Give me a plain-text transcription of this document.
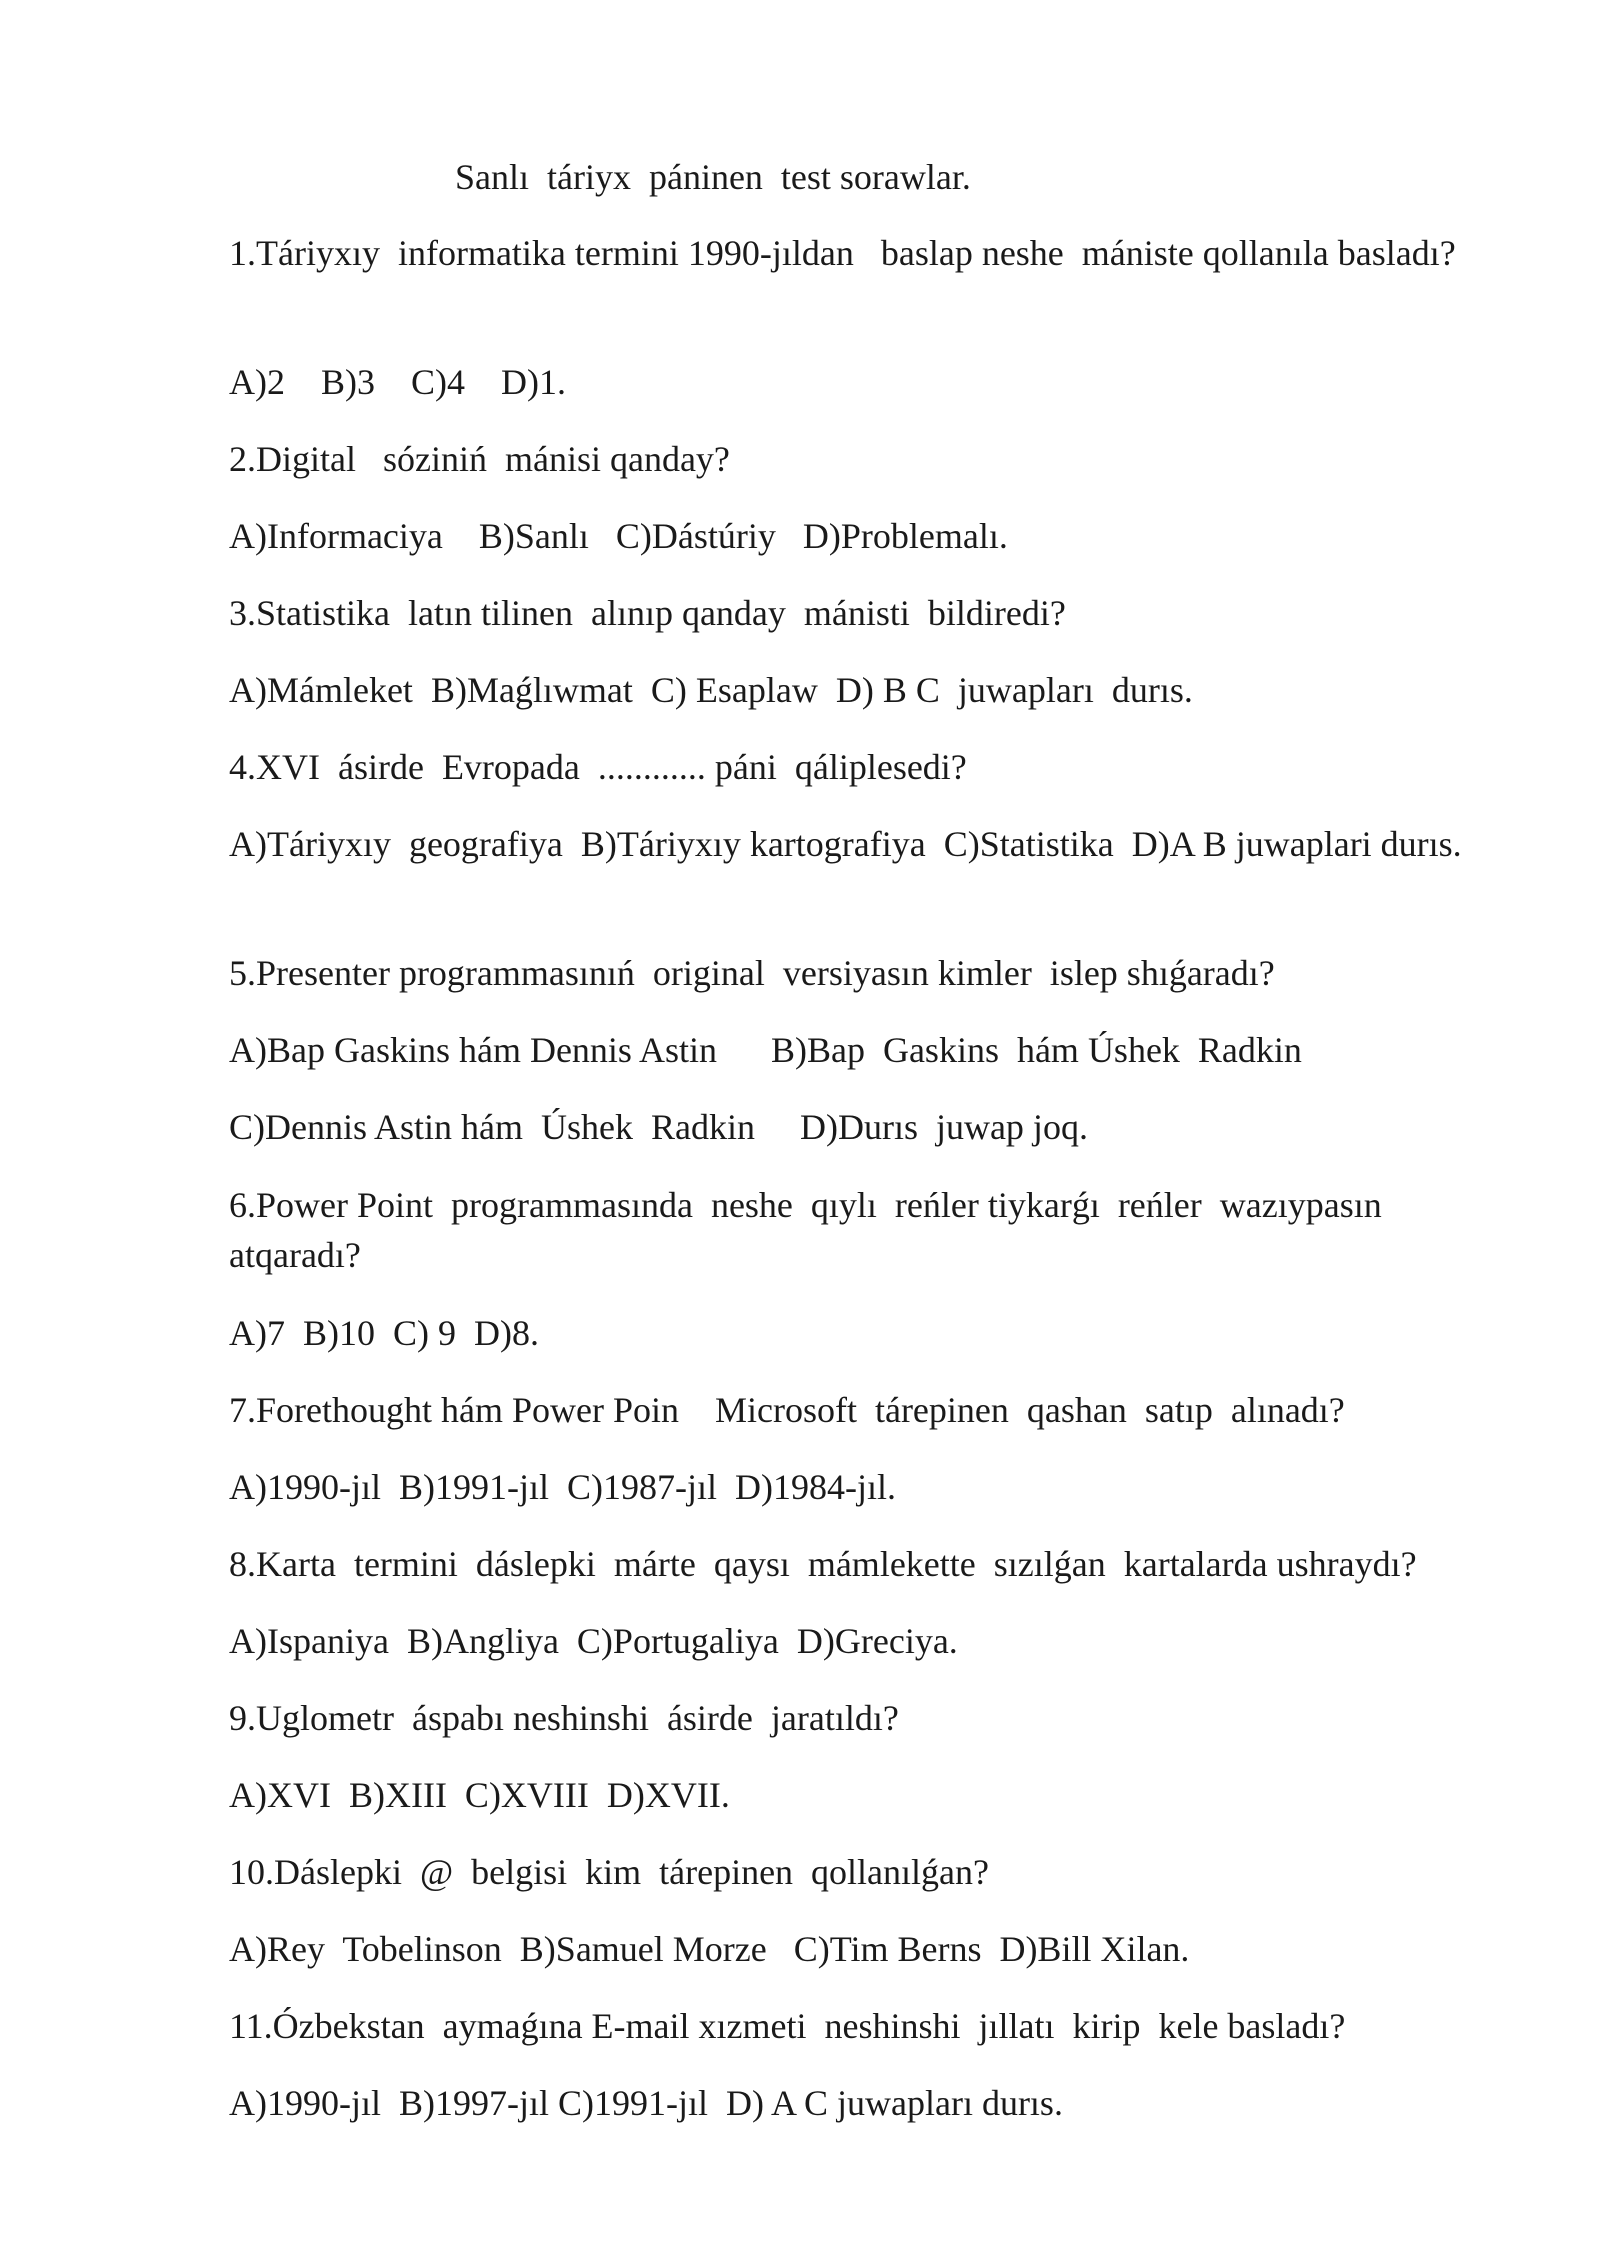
Sanlı  táriyx  páninen  test sorawlar.

1.Táriyxıy  informatika termini 1990-jıldan   baslap neshe  mániste qollanıla basladı?

A)2    B)3    C)4    D)1.

2.Digital   sóziniń  mánisi qanday?

A)Informaciya    B)Sanlı   C)Dástúriy   D)Problemalı.

3.Statistika  latın tilinen  alınıp qanday  mánisti  bildiredi?

A)Mámleket  B)Maǵlıwmat  C) Esaplaw  D) B C  juwapları  durıs.

4.XVI  ásirde  Evropada  ............ páni  qáliplesedi?

A)Táriyxıy  geografiya  B)Táriyxıy kartografiya  C)Statistika  D)A B juwaplari durıs.

5.Presenter programmasınıń  original  versiyasın kimler  islep shıǵaradı?

A)Bap Gaskins hám Dennis Astin      B)Bap  Gaskins  hám Úshek  Radkin

C)Dennis Astin hám  Úshek  Radkin     D)Durıs  juwap joq.

6.Power Point  programmasında  neshe  qıylı  reńler tiykarǵı  reńler  wazıypasın atqaradı?

A)7  B)10  C) 9  D)8.

7.Forethought hám Power Poin    Microsoft  tárepinen  qashan  satıp  alınadı?

A)1990-jıl  B)1991-jıl  C)1987-jıl  D)1984-jıl.

8.Karta  termini  dáslepki  márte  qaysı  mámlekette  sızılǵan  kartalarda ushraydı?

A)Ispaniya  B)Angliya  C)Portugaliya  D)Greciya.

9.Uglometr  áspabı neshinshi  ásirde  jaratıldı?

A)XVI  B)XIII  C)XVIII  D)XVII.

10.Dáslepki  @  belgisi  kim  tárepinen  qollanılǵan?

A)Rey  Tobelinson  B)Samuel Morze   C)Tim Berns  D)Bill Xilan.

11.Ózbekstan  aymaǵına E-mail xızmeti  neshinshi  jıllatı  kirip  kele basladı?

A)1990-jıl  B)1997-jıl C)1991-jıl  D) A C juwapları durıs.
